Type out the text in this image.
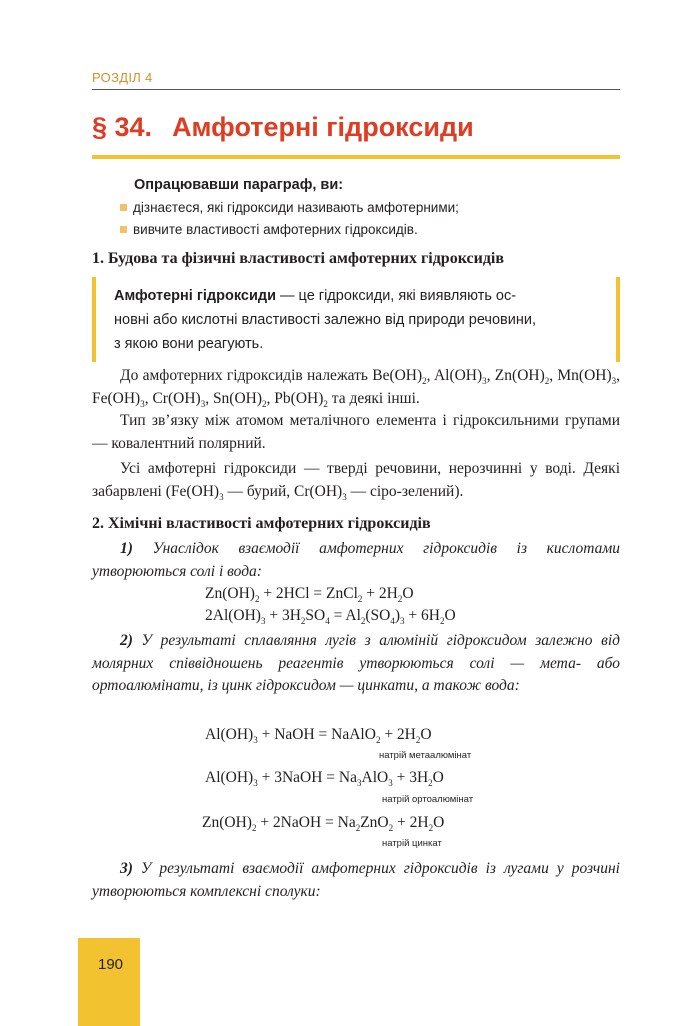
РОЗДІЛ 4
§ 34. Амфотерні гідроксиди
Опрацювавши параграф, ви:
дізнаєтеся, які гідроксиди називають амфотерними;
вивчите властивості амфотерних гідроксидів.
1. Будова та фізичні властивості амфотерних гідроксидів
Амфотерні гідроксиди — це гідроксиди, які виявляють ос-
новні або кислотні властивості залежно від природи речовини,
з якою вони реагують.
До амфотерних гідроксидів належать $Be(OH)_2$, $Al(OH)_3$, $Zn(OH)_2$, $Mn(OH)_3$, $Fe(OH)_3$, $Cr(OH)_3$, $Sn(OH)_2$, $Pb(OH)_2$ та деякі інші.
Тип зв’язку між атомом металічного елемента і гідроксильними групами — ковалентний полярний.
Усі амфотерні гідроксиди — тверді речовини, нерозчинні у воді. Деякі забарвлені ($Fe(OH)_3$ — бурий, $Cr(OH)_3$ — сіро-зелений).
2. Хімічні властивості амфотерних гідроксидів
1) Унаслідок взаємодії амфотерних гідроксидів із кислотами утворюються солі і вода:
$Zn(OH)_2 + 2HCl$ = ZnCl$_2$ + $2H_2O$
$2Al(OH)_3 + 3H_2SO_4 = Al_2(SO_4)_3 + 6H_2O$
2) У результаті сплавляння лугів з алюміній гідроксидом залежно від молярних співвідношень реагентів утворюються солі — мета- або ортоалюмінати, із цинк гідроксидом — цинкати, а також вода:
$Al(OH)_3$ + NaOH = NaAlO$_2$ + $2H_2O$
натрій метаалюмінат
$Al(OH)_3$ + 3NaOH = $Na_3AlO_3 + 3H_2O$
натрій ортоалюмінат
$Zn(OH)_2$ + 2NaOH = $Na_2ZnO_2 + 2H_2O$
натрій цинкат
3) У результаті взаємодії амфотерних гідроксидів із лугами у розчині утворюються комплексні сполуки:
190
